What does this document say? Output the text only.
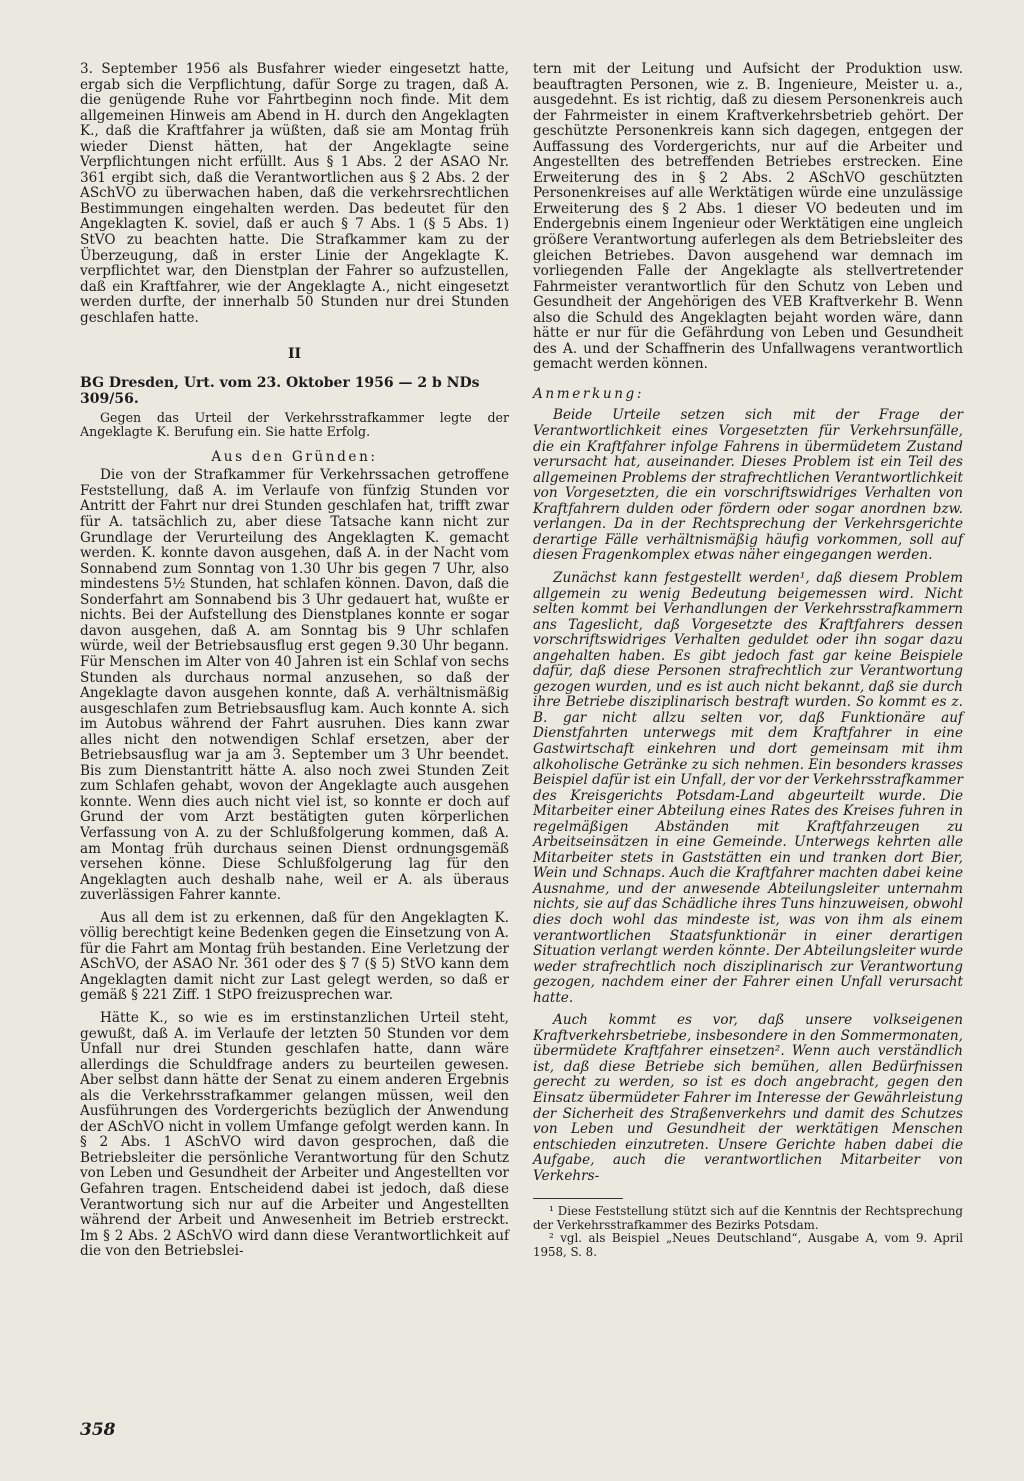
3. September 1956 als Busfahrer wieder eingesetzt hatte, ergab sich die Verpflichtung, dafür Sorge zu tragen, daß A. die genügende Ruhe vor Fahrtbeginn noch finde. Mit dem allgemeinen Hinweis am Abend in H. durch den Angeklagten K., daß die Kraftfahrer ja wüßten, daß sie am Montag früh wieder Dienst hätten, hat der Angeklagte seine Verpflichtungen nicht erfüllt. Aus § 1 Abs. 2 der ASAO Nr. 361 ergibt sich, daß die Verantwortlichen aus § 2 Abs. 2 der ASchVO zu überwachen haben, daß die verkehrsrechtlichen Bestimmungen eingehalten werden. Das bedeutet für den Angeklagten K. soviel, daß er auch § 7 Abs. 1 (§ 5 Abs. 1) StVO zu beachten hatte. Die Strafkammer kam zu der Überzeugung, daß in erster Linie der Angeklagte K. verpflichtet war, den Dienstplan der Fahrer so aufzustellen, daß ein Kraftfahrer, wie der Angeklagte A., nicht eingesetzt werden durfte, der innerhalb 50 Stunden nur drei Stunden geschlafen hatte.

II
BG Dresden, Urt. vom 23. Oktober 1956 — 2 b NDs 309/56.

Gegen das Urteil der Verkehrsstrafkammer legte der Angeklagte K. Berufung ein. Sie hatte Erfolg.

Aus den Gründen:

Die von der Strafkammer für Verkehrssachen getroffene Feststellung, daß A. im Verlaufe von fünfzig Stunden vor Antritt der Fahrt nur drei Stunden geschlafen hat, trifft zwar für A. tatsächlich zu, aber diese Tatsache kann nicht zur Grundlage der Verurteilung des Angeklagten K. gemacht werden. K. konnte davon ausgehen, daß A. in der Nacht vom Sonnabend zum Sonntag von 1.30 Uhr bis gegen 7 Uhr, also mindestens 5½ Stunden, hat schlafen können. Davon, daß die Sonderfahrt am Sonnabend bis 3 Uhr gedauert hat, wußte er nichts. Bei der Aufstellung des Dienstplanes konnte er sogar davon ausgehen, daß A. am Sonntag bis 9 Uhr schlafen würde, weil der Betriebsausflug erst gegen 9.30 Uhr begann. Für Menschen im Alter von 40 Jahren ist ein Schlaf von sechs Stunden als durchaus normal anzusehen, so daß der Angeklagte davon ausgehen konnte, daß A. verhältnismäßig ausgeschlafen zum Betriebsausflug kam. Auch konnte A. sich im Autobus während der Fahrt ausruhen. Dies kann zwar alles nicht den notwendigen Schlaf ersetzen, aber der Betriebsausflug war ja am 3. September um 3 Uhr beendet. Bis zum Dienstantritt hätte A. also noch zwei Stunden Zeit zum Schlafen gehabt, wovon der Angeklagte auch ausgehen konnte. Wenn dies auch nicht viel ist, so konnte er doch auf Grund der vom Arzt bestätigten guten körperlichen Verfassung von A. zu der Schlußfolgerung kommen, daß A. am Montag früh durchaus seinen Dienst ordnungsgemäß versehen könne. Diese Schlußfolgerung lag für den Angeklagten auch deshalb nahe, weil er A. als überaus zuverlässigen Fahrer kannte.

Aus all dem ist zu erkennen, daß für den Angeklagten K. völlig berechtigt keine Bedenken gegen die Einsetzung von A. für die Fahrt am Montag früh bestanden. Eine Verletzung der ASchVO, der ASAO Nr. 361 oder des § 7 (§ 5) StVO kann dem Angeklagten damit nicht zur Last gelegt werden, so daß er gemäß § 221 Ziff. 1 StPO freizusprechen war.

Hätte K., so wie es im erstinstanzlichen Urteil steht, gewußt, daß A. im Verlaufe der letzten 50 Stunden vor dem Unfall nur drei Stunden geschlafen hatte, dann wäre allerdings die Schuldfrage anders zu beurteilen gewesen. Aber selbst dann hätte der Senat zu einem anderen Ergebnis als die Verkehrsstrafkammer gelangen müssen, weil den Ausführungen des Vordergerichts bezüglich der Anwendung der ASchVO nicht in vollem Umfange gefolgt werden kann. In § 2 Abs. 1 ASchVO wird davon gesprochen, daß die Betriebsleiter die persönliche Verantwortung für den Schutz von Leben und Gesundheit der Arbeiter und Angestellten vor Gefahren tragen. Entscheidend dabei ist jedoch, daß diese Verantwortung sich nur auf die Arbeiter und Angestellten während der Arbeit und Anwesenheit im Betrieb erstreckt. Im § 2 Abs. 2 ASchVO wird dann diese Verantwortlichkeit auf die von den Betriebslei-

tern mit der Leitung und Aufsicht der Produktion usw. beauftragten Personen, wie z. B. Ingenieure, Meister u. a., ausgedehnt. Es ist richtig, daß zu diesem Personenkreis auch der Fahrmeister in einem Kraftverkehrsbetrieb gehört. Der geschützte Personenkreis kann sich dagegen, entgegen der Auffassung des Vordergerichts, nur auf die Arbeiter und Angestellten des betreffenden Betriebes erstrecken. Eine Erweiterung des in § 2 Abs. 2 ASchVO geschützten Personenkreises auf alle Werktätigen würde eine unzulässige Erweiterung des § 2 Abs. 1 dieser VO bedeuten und im Endergebnis einem Ingenieur oder Werktätigen eine ungleich größere Verantwortung auferlegen als dem Betriebsleiter des gleichen Betriebes. Davon ausgehend war demnach im vorliegenden Falle der Angeklagte als stellvertretender Fahrmeister verantwortlich für den Schutz von Leben und Gesundheit der Angehörigen des VEB Kraftverkehr B. Wenn also die Schuld des Angeklagten bejaht worden wäre, dann hätte er nur für die Gefährdung von Leben und Gesundheit des A. und der Schaffnerin des Unfallwagens verantwortlich gemacht werden können.

Anmerkung:

Beide Urteile setzen sich mit der Frage der Verantwortlichkeit eines Vorgesetzten für Verkehrsunfälle, die ein Kraftfahrer infolge Fahrens in übermüdetem Zustand verursacht hat, auseinander. Dieses Problem ist ein Teil des allgemeinen Problems der strafrechtlichen Verantwortlichkeit von Vorgesetzten, die ein vorschriftswidriges Verhalten von Kraftfahrern dulden oder fördern oder sogar anordnen bzw. verlangen. Da in der Rechtsprechung der Verkehrsgerichte derartige Fälle verhältnismäßig häufig vorkommen, soll auf diesen Fragenkomplex etwas näher eingegangen werden.

Zunächst kann festgestellt werden¹, daß diesem Problem allgemein zu wenig Bedeutung beigemessen wird. Nicht selten kommt bei Verhandlungen der Verkehrsstrafkammern ans Tageslicht, daß Vorgesetzte des Kraftfahrers dessen vorschriftswidriges Verhalten geduldet oder ihn sogar dazu angehalten haben. Es gibt jedoch fast gar keine Beispiele dafür, daß diese Personen strafrechtlich zur Verantwortung gezogen wurden, und es ist auch nicht bekannt, daß sie durch ihre Betriebe disziplinarisch bestraft wurden. So kommt es z. B. gar nicht allzu selten vor, daß Funktionäre auf Dienstfahrten unterwegs mit dem Kraftfahrer in eine Gastwirtschaft einkehren und dort gemeinsam mit ihm alkoholische Getränke zu sich nehmen. Ein besonders krasses Beispiel dafür ist ein Unfall, der vor der Verkehrsstrafkammer des Kreisgerichts Potsdam-Land abgeurteilt wurde. Die Mitarbeiter einer Abteilung eines Rates des Kreises fuhren in regelmäßigen Abständen mit Kraftfahrzeugen zu Arbeitseinsätzen in eine Gemeinde. Unterwegs kehrten alle Mitarbeiter stets in Gaststätten ein und tranken dort Bier, Wein und Schnaps. Auch die Kraftfahrer machten dabei keine Ausnahme, und der anwesende Abteilungsleiter unternahm nichts, sie auf das Schädliche ihres Tuns hinzuweisen, obwohl dies doch wohl das mindeste ist, was von ihm als einem verantwortlichen Staatsfunktionär in einer derartigen Situation verlangt werden könnte. Der Abteilungsleiter wurde weder strafrechtlich noch disziplinarisch zur Verantwortung gezogen, nachdem einer der Fahrer einen Unfall verursacht hatte.

Auch kommt es vor, daß unsere volkseigenen Kraftverkehrsbetriebe, insbesondere in den Sommermonaten, übermüdete Kraftfahrer einsetzen². Wenn auch verständlich ist, daß diese Betriebe sich bemühen, allen Bedürfnissen gerecht zu werden, so ist es doch angebracht, gegen den Einsatz übermüdeter Fahrer im Interesse der Gewährleistung der Sicherheit des Straßenverkehrs und damit des Schutzes von Leben und Gesundheit der werktätigen Menschen entschieden einzutreten. Unsere Gerichte haben dabei die Aufgabe, auch die verantwortlichen Mitarbeiter von Verkehrs-

¹ Diese Feststellung stützt sich auf die Kenntnis der Rechtsprechung der Verkehrsstrafkammer des Bezirks Potsdam.

² vgl. als Beispiel „Neues Deutschland“, Ausgabe A, vom 9. April 1958, S. 8.

358
